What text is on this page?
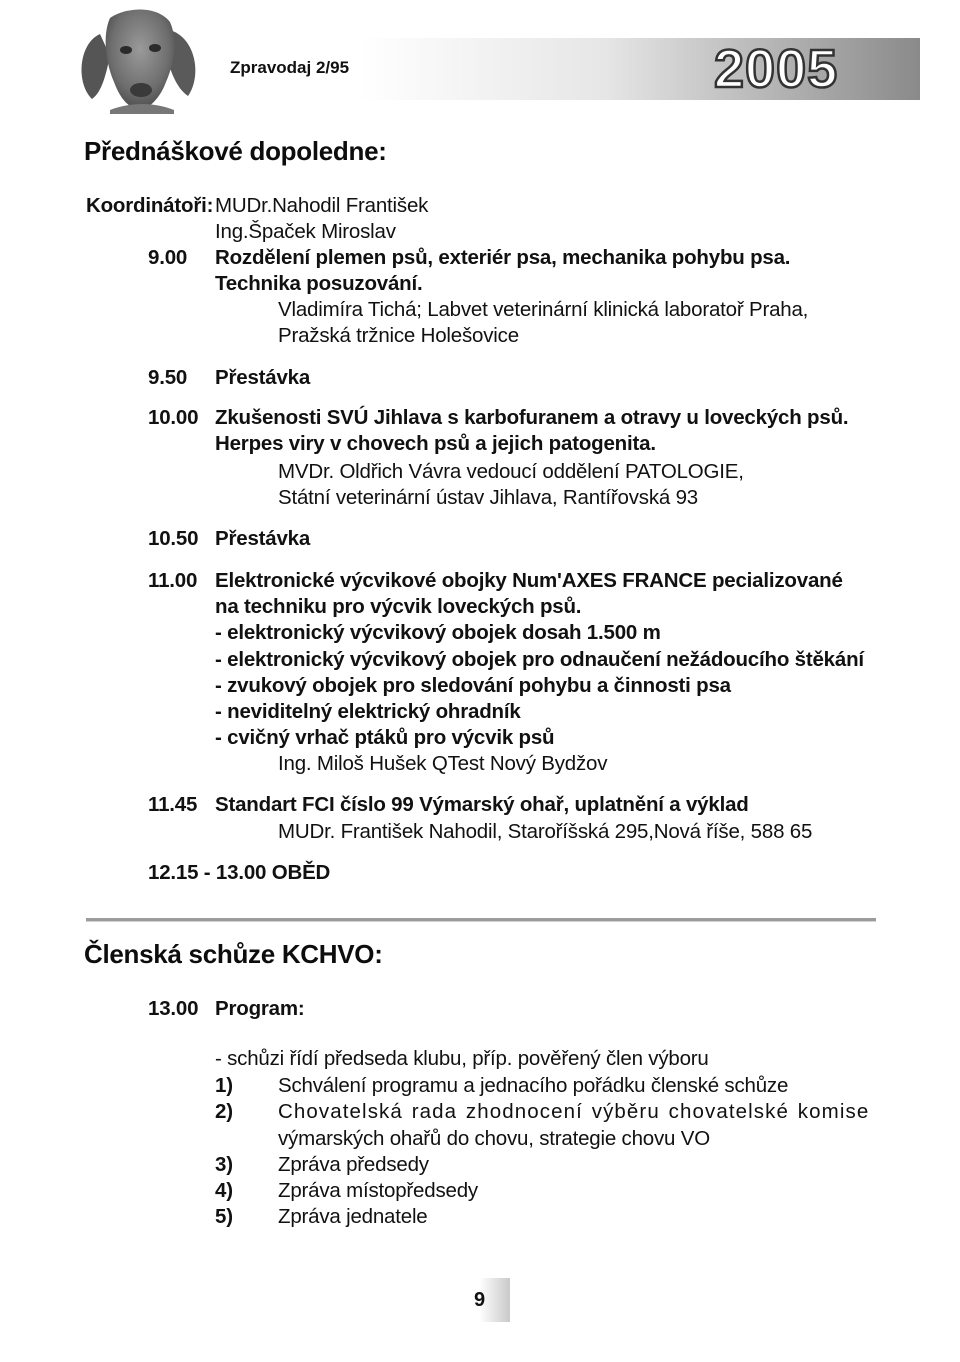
Zpravodaj 2/95	2005
Přednáškové dopoledne:
Koordinátoři: MUDr.Nahodil František
Ing.Špaček Miroslav
9.00 Rozdělení plemen psů, exteriér psa, mechanika pohybu psa.
Technika posuzování.
Vladimíra Tichá; Labvet veterinární klinická laboratoř Praha,
Pražská tržnice Holešovice
9.50 Přestávka
10.00 Zkušenosti SVÚ Jihlava s karbofuranem a otravy u loveckých psů.
Herpes viry v chovech psů a jejich patogenita.
MVDr. Oldřich Vávra vedoucí oddělení PATOLOGIE,
Státní veterinární ústav Jihlava, Rantířovská 93
10.50 Přestávka
11.00 Elektronické výcvikové obojky Num'AXES FRANCE pecializované
na techniku pro výcvik loveckých psů.
- elektronický výcvikový obojek dosah 1.500 m
- elektronický výcvikový obojek pro odnaučení nežádoucího štěkání
- zvukový obojek pro sledování pohybu a činnosti psa
- neviditelný elektrický ohradník
- cvičný vrhač ptáků pro výcvik psů
Ing. Miloš Hušek QTest Nový Bydžov
11.45 Standart FCI číslo 99 Výmarský ohař, uplatnění a výklad
MUDr. František Nahodil, Staroříšská 295,Nová říše, 588 65
12.15 - 13.00 OBĚD
Členská schůze KCHVO:
13.00 Program:
- schůzi řídí předseda klubu, příp. pověřený člen výboru
1) Schválení programu a jednacího pořádku členské schůze
2) Chovatelská rada zhodnocení výběru chovatelské komise
výmarských ohařů do chovu, strategie chovu VO
3) Zpráva předsedy
4) Zpráva místopředsedy
5) Zpráva jednatele
9
